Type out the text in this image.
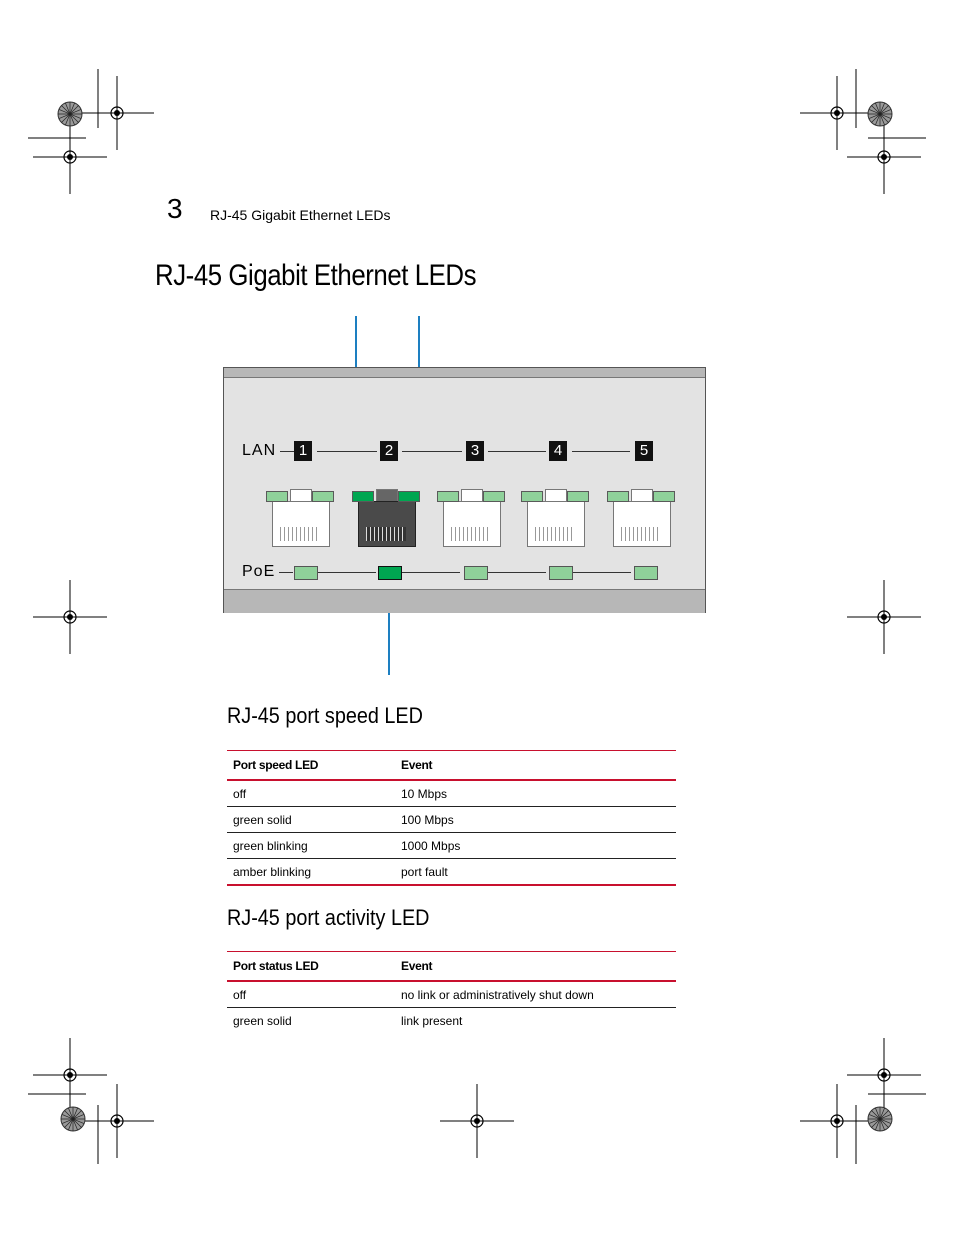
3 RJ-45 Gigabit Ethernet LEDs
RJ-45 Gigabit Ethernet LEDs
LAN	1	2	3	4	5
PoE
RJ-45 port speed LED
Port speed LED	Event
off	10 Mbps
green solid	100 Mbps
green blinking	1000 Mbps
amber blinking	port fault
RJ-45 port activity LED
Port status LED	Event
off	no link or administratively shut down
green solid	link present
